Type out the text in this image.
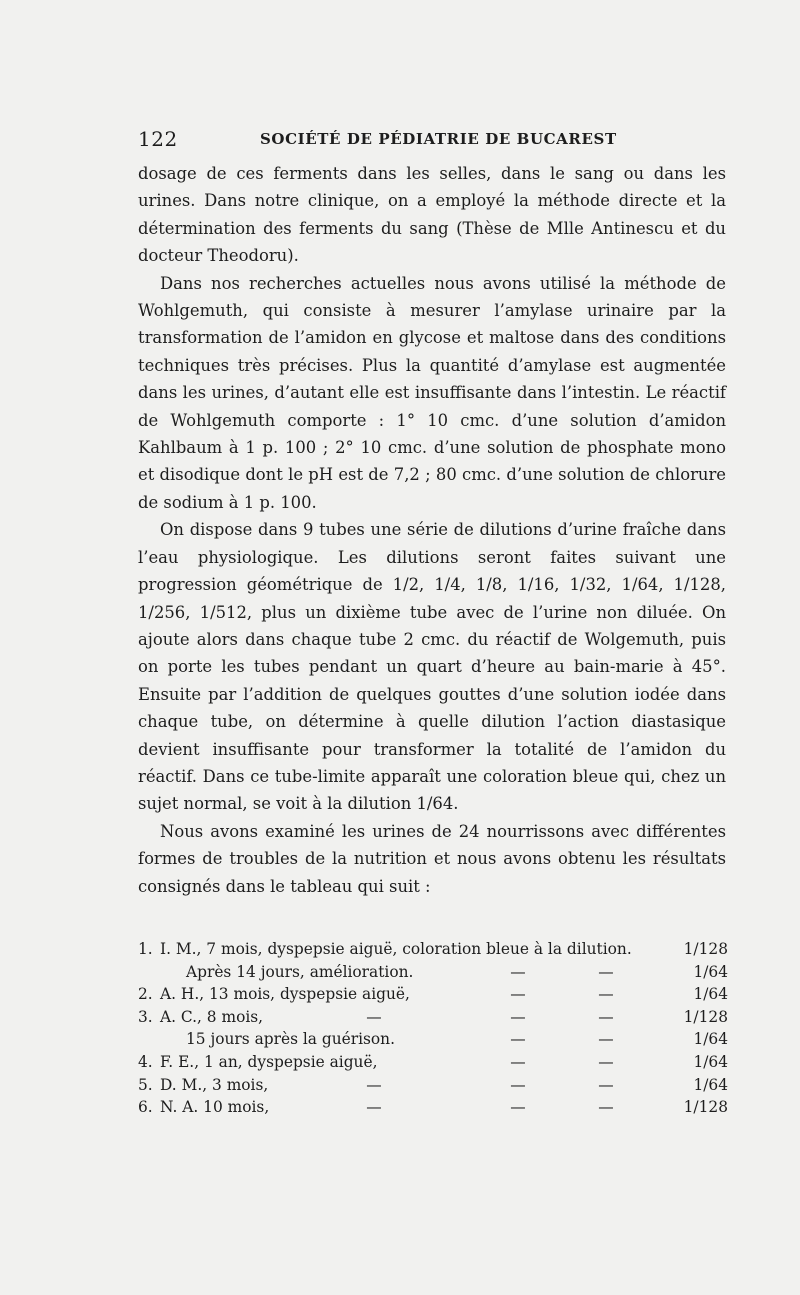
122	SOCIÉTÉ DE PÉDIATRIE DE BUCAREST

dosage de ces ferments dans les selles, dans le sang ou dans les urines. Dans notre clinique, on a employé la méthode directe et la détermination des ferments du sang (Thèse de Mlle Antinescu et du docteur Theodoru).

Dans nos recherches actuelles nous avons utilisé la méthode de Wohlgemuth, qui consiste à mesurer l’amylase urinaire par la transformation de l’amidon en glycose et maltose dans des conditions techniques très précises. Plus la quantité d’amylase est augmentée dans les urines, d’autant elle est insuffisante dans l’intestin. Le réactif de Wohlgemuth comporte : 1° 10 cmc. d’une solution d’amidon Kahlbaum à 1 p. 100 ; 2° 10 cmc. d’une solution de phosphate mono et disodique dont le pH est de 7,2 ; 80 cmc. d’une solution de chlorure de sodium à 1 p. 100.

On dispose dans 9 tubes une série de dilutions d’urine fraîche dans l’eau physiologique. Les dilutions seront faites suivant une progression géométrique de 1/2, 1/4, 1/8, 1/16, 1/32, 1/64, 1/128, 1/256, 1/512, plus un dixième tube avec de l’urine non diluée. On ajoute alors dans chaque tube 2 cmc. du réactif de Wolgemuth, puis on porte les tubes pendant un quart d’heure au bain-marie à 45°. Ensuite par l’addition de quelques gouttes d’une solution iodée dans chaque tube, on détermine à quelle dilution l’action diastasique devient insuffisante pour transformer la totalité de l’amidon du réactif. Dans ce tube-limite apparaît une coloration bleue qui, chez un sujet normal, se voit à la dilution 1/64.

Nous avons examiné les urines de 24 nourrissons avec différentes formes de troubles de la nutrition et nous avons obtenu les résultats consignés dans le tableau qui suit :

1. I. M., 7 mois, dyspepsie aiguë, coloration bleue à la dilution.	1/128
Après 14 jours, amélioration.	—	—	1/64
2. A. H., 13 mois, dyspepsie aiguë,	—	—	1/64
3. A. C., 8 mois,	—	—	—	1/128
15 jours après la guérison.	—	—	1/64
4. F. E., 1 an, dyspepsie aiguë,	—	—	1/64
5. D. M., 3 mois,	—	—	—	1/64
6. N. A. 10 mois,	—	—	—	1/128
